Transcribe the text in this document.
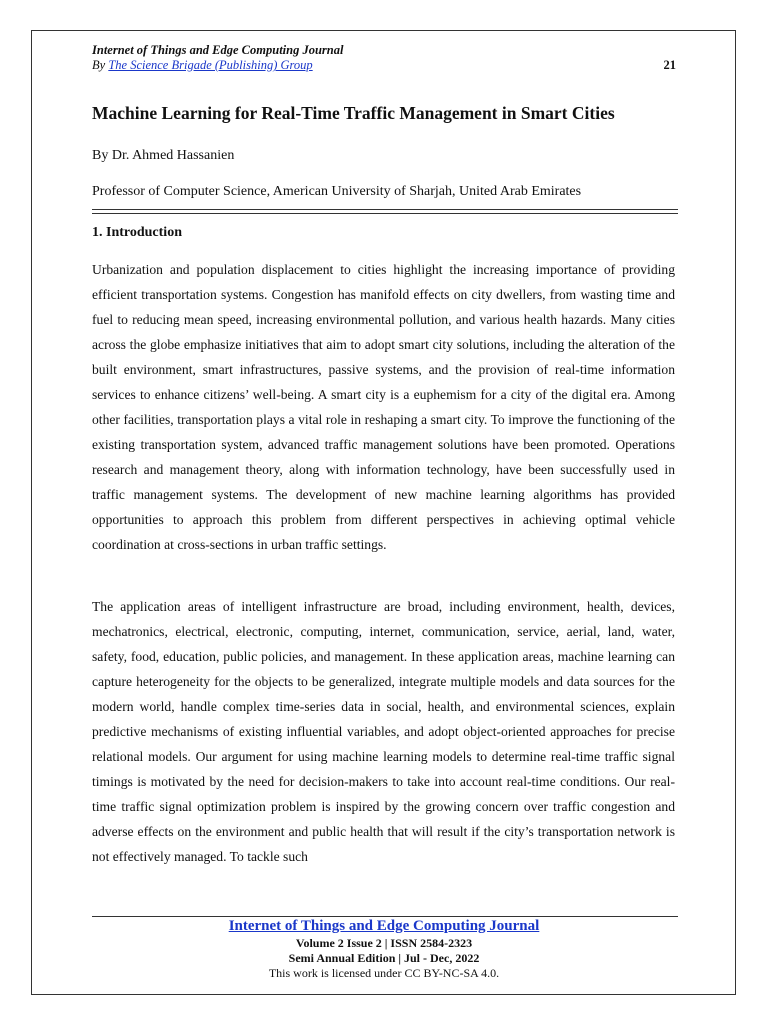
Internet of Things and Edge Computing Journal
By The Science Brigade (Publishing) Group	21
Machine Learning for Real-Time Traffic Management in Smart Cities
By Dr. Ahmed Hassanien
Professor of Computer Science, American University of Sharjah, United Arab Emirates
1. Introduction

Urbanization and population displacement to cities highlight the increasing importance of providing efficient transportation systems. Congestion has manifold effects on city dwellers, from wasting time and fuel to reducing mean speed, increasing environmental pollution, and various health hazards. Many cities across the globe emphasize initiatives that aim to adopt smart city solutions, including the alteration of the built environment, smart infrastructures, passive systems, and the provision of real-time information services to enhance citizens’ well-being. A smart city is a euphemism for a city of the digital era. Among other facilities, transportation plays a vital role in reshaping a smart city. To improve the functioning of the existing transportation system, advanced traffic management solutions have been promoted. Operations research and management theory, along with information technology, have been successfully used in traffic management systems. The development of new machine learning algorithms has provided opportunities to approach this problem from different perspectives in achieving optimal vehicle coordination at cross-sections in urban traffic settings.

The application areas of intelligent infrastructure are broad, including environment, health, devices, mechatronics, electrical, electronic, computing, internet, communication, service, aerial, land, water, safety, food, education, public policies, and management. In these application areas, machine learning can capture heterogeneity for the objects to be generalized, integrate multiple models and data sources for the modern world, handle complex time-series data in social, health, and environmental sciences, explain predictive mechanisms of existing influential variables, and adopt object-oriented approaches for precise relational models. Our argument for using machine learning models to determine real-time traffic signal timings is motivated by the need for decision-makers to take into account real-time conditions. Our real-time traffic signal optimization problem is inspired by the growing concern over traffic congestion and adverse effects on the environment and public health that will result if the city’s transportation network is not effectively managed. To tackle such

Internet of Things and Edge Computing Journal
Volume 2 Issue 2 | ISSN 2584-2323
Semi Annual Edition | Jul - Dec, 2022
This work is licensed under CC BY-NC-SA 4.0.
